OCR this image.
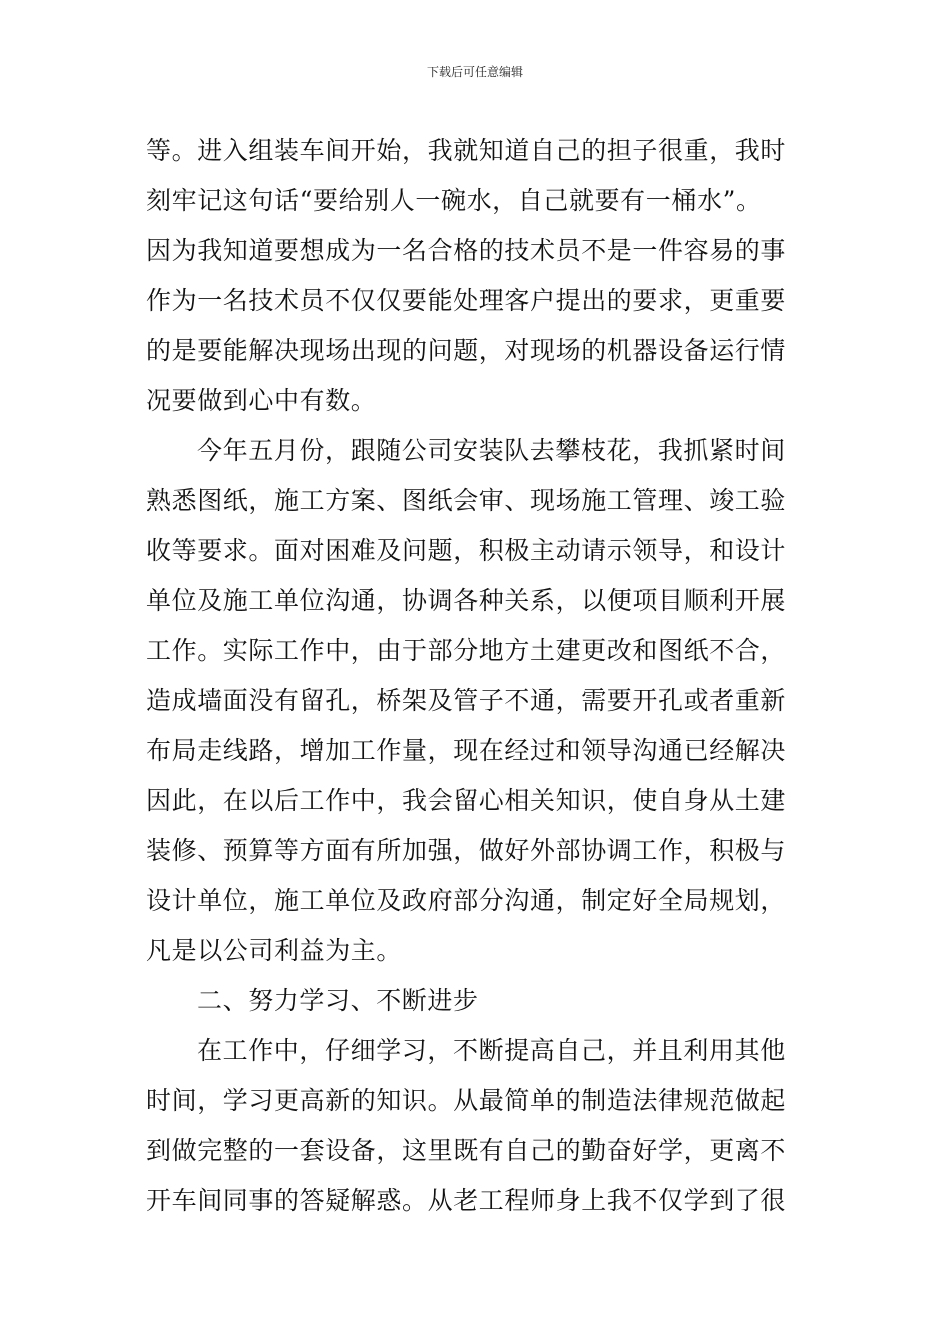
下载后可任意编辑
等。进入组装车间开始，我就知道自己的担子很重，我时
刻牢记这句话“要给别人一碗水，自己就要有一桶水”。
因为我知道要想成为一名合格的技术员不是一件容易的事
作为一名技术员不仅仅要能处理客户提出的要求，更重要
的是要能解决现场出现的问题，对现场的机器设备运行情
况要做到心中有数。
今年五月份，跟随公司安装队去攀枝花，我抓紧时间
熟悉图纸，施工方案、图纸会审、现场施工管理、竣工验
收等要求。面对困难及问题，积极主动请示领导，和设计
单位及施工单位沟通，协调各种关系，以便项目顺利开展
工作。实际工作中，由于部分地方土建更改和图纸不合，
造成墙面没有留孔，桥架及管子不通，需要开孔或者重新
布局走线路，增加工作量，现在经过和领导沟通已经解决
因此，在以后工作中，我会留心相关知识，使自身从土建
装修、预算等方面有所加强，做好外部协调工作，积极与
设计单位，施工单位及政府部分沟通，制定好全局规划，
凡是以公司利益为主。
二、努力学习、不断进步
在工作中，仔细学习，不断提高自己，并且利用其他
时间，学习更高新的知识。从最简单的制造法律规范做起
到做完整的一套设备，这里既有自己的勤奋好学，更离不
开车间同事的答疑解惑。从老工程师身上我不仅学到了很
